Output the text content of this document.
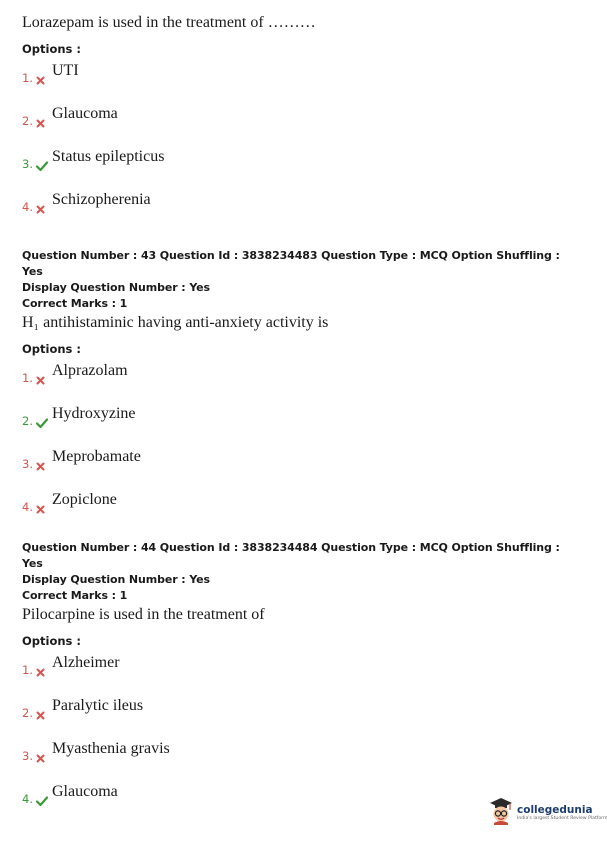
Lorazepam is used in the treatment of ………
Options :
1. UTI
2. Glaucoma
3. Status epilepticus
4. Schizopherenia
Question Number : 43 Question Id : 3838234483 Question Type : MCQ Option Shuffling : Yes
Display Question Number : Yes
Correct Marks : 1
H₁ antihistaminic having anti-anxiety activity is
Options :
1. Alprazolam
2. Hydroxyzine
3. Meprobamate
4. Zopiclone
Question Number : 44 Question Id : 3838234484 Question Type : MCQ Option Shuffling : Yes
Display Question Number : Yes
Correct Marks : 1
Pilocarpine is used in the treatment of
Options :
1. Alzheimer
2. Paralytic ileus
3. Myasthenia gravis
4. Glaucoma
collegedunia
India's largest Student Review Platform
